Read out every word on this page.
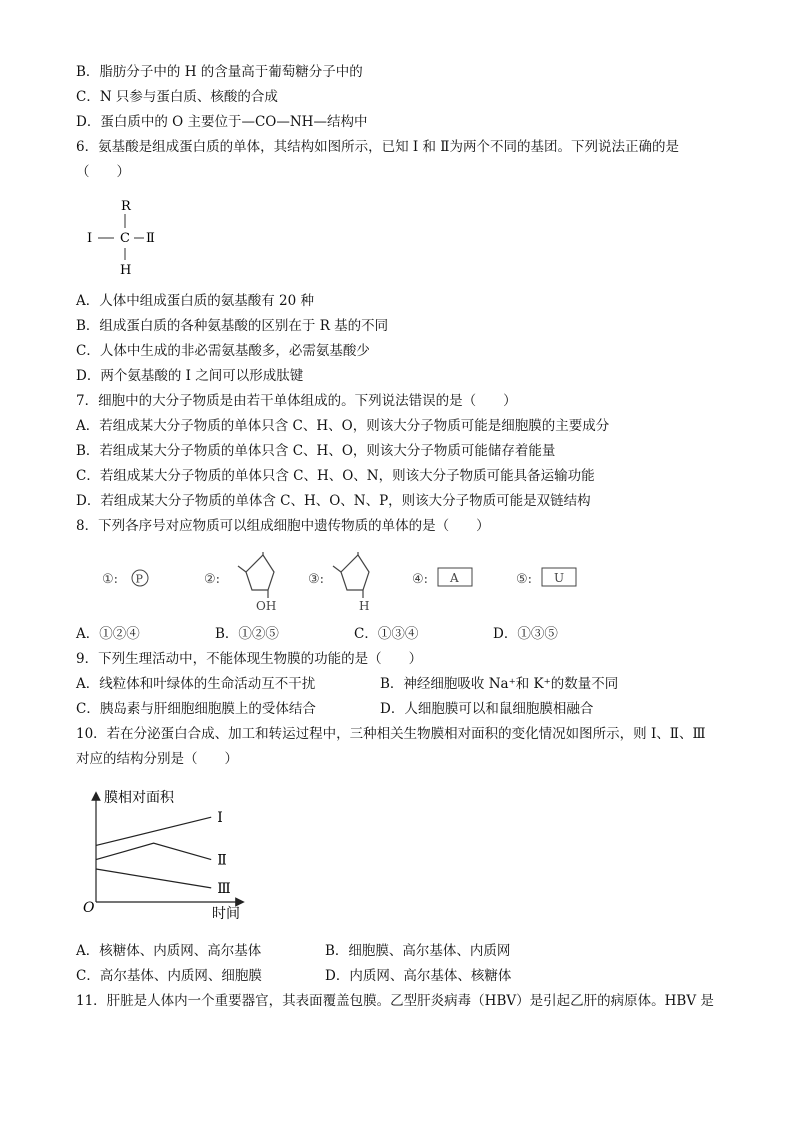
B．脂肪分子中的 H 的含量高于葡萄糖分子中的
C．N 只参与蛋白质、核酸的合成
D．蛋白质中的 O 主要位于—CO—NH—结构中
6．氨基酸是组成蛋白质的单体，其结构如图所示，已知 I 和 Ⅱ为两个不同的基团。下列说法正确的是
（　　）
R
Ⅰ C Ⅱ
H
A．人体中组成蛋白质的氨基酸有 20 种
B．组成蛋白质的各种氨基酸的区别在于 R 基的不同
C．人体中生成的非必需氨基酸多，必需氨基酸少
D．两个氨基酸的 I 之间可以形成肽键
7．细胞中的大分子物质是由若干单体组成的。下列说法错误的是（　　）
A．若组成某大分子物质的单体只含 C、H、O，则该大分子物质可能是细胞膜的主要成分
B．若组成某大分子物质的单体只含 C、H、O，则该大分子物质可能储存着能量
C．若组成某大分子物质的单体只含 C、H、O、N，则该大分子物质可能具备运输功能
D．若组成某大分子物质的单体含 C、H、O、N、P，则该大分子物质可能是双链结构
8．下列各序号对应物质可以组成细胞中遗传物质的单体的是（　　）
①: P	②:
OH
③:
H
④: A	⑤: U
A．①②④	B．①②⑤	C．①③④	D．①③⑤
9．下列生理活动中，不能体现生物膜的功能的是（　　）
A．线粒体和叶绿体的生命活动互不干扰	B．神经细胞吸收 Na⁺和 K⁺的数量不同
C．胰岛素与肝细胞细胞膜上的受体结合	D．人细胞膜可以和鼠细胞膜相融合
10．若在分泌蛋白合成、加工和转运过程中，三种相关生物膜相对面积的变化情况如图所示，则 I、Ⅱ、Ⅲ
对应的结构分别是（　　）
膜相对面积
时间
O
Ⅰ
Ⅱ
Ⅲ
A．核糖体、内质网、高尔基体	B．细胞膜、高尔基体、内质网
C．高尔基体、内质网、细胞膜	D．内质网、高尔基体、核糖体
11．肝脏是人体内一个重要器官，其表面覆盖包膜。乙型肝炎病毒（HBV）是引起乙肝的病原体。HBV 是
